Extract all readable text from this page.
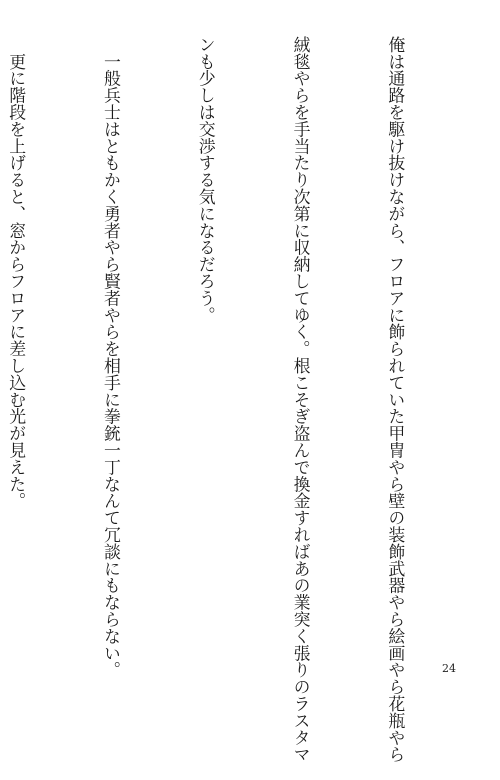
俺は通路を駆け抜けながら、フロアに飾られていた甲冑やら壁の装飾武器やら絵画やら花瓶やら

絨毯やらを手当たり次第に収納してゆく。根こそぎ盗んで換金すればあの業突く張りのラスタマ

ンも少しは交渉する気になるだろう。

　一般兵士はともかく勇者やら賢者やらを相手に拳銃一丁なんて冗談にもならない。

　更に階段を上げると、窓からフロアに差し込む光が見えた。

24
